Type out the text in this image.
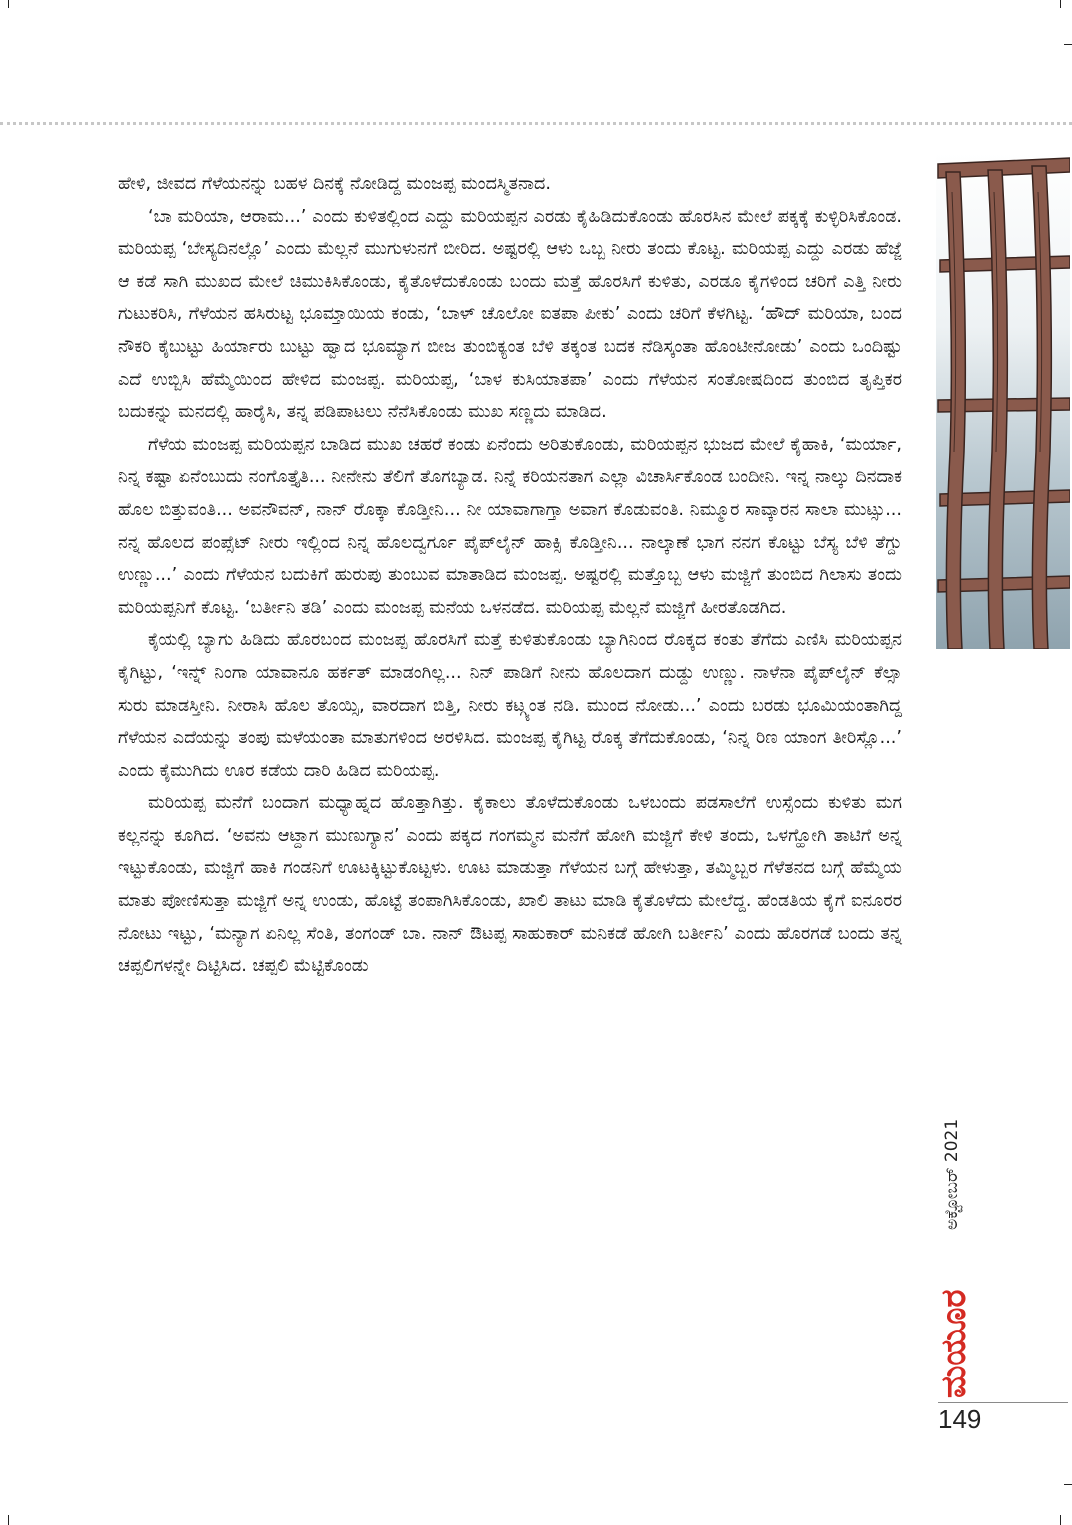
ಹೇಳಿ, ಜೀವದ ಗೆಳೆಯನನ್ನು ಬಹಳ ದಿನಕ್ಕೆ ನೋಡಿದ್ದ ಮಂಜಪ್ಪ ಮಂದಸ್ಮಿತನಾದ.

‘ಬಾ ಮರಿಯಾ, ಆರಾಮ...’ ಎಂದು ಕುಳಿತಲ್ಲಿಂದ ಎದ್ದು ಮರಿಯಪ್ಪನ ಎರಡು ಕೈಹಿಡಿದುಕೊಂಡು ಹೊರಸಿನ ಮೇಲೆ ಪಕ್ಕಕ್ಕೆ ಕುಳ್ಳಿರಿಸಿಕೊಂಡ. ಮರಿಯಪ್ಪ ‘ಬೇಸ್ಯದಿನಲ್ಲೊ’ ಎಂದು ಮೆಲ್ಲನೆ ಮುಗುಳುನಗೆ ಬೀರಿದ. ಅಷ್ಟರಲ್ಲಿ ಆಳು ಒಬ್ಬ ನೀರು ತಂದು ಕೊಟ್ಟ. ಮರಿಯಪ್ಪ ಎದ್ದು ಎರಡು ಹೆಜ್ಜೆ ಆ ಕಡೆ ಸಾಗಿ ಮುಖದ ಮೇಲೆ ಚಿಮುಕಿಸಿಕೊಂಡು, ಕೈತೊಳೆದುಕೊಂಡು ಬಂದು ಮತ್ತೆ ಹೊರಸಿಗೆ ಕುಳಿತು, ಎರಡೂ ಕೈಗಳಿಂದ ಚರಿಗೆ ಎತ್ತಿ ನೀರು ಗುಟುಕರಿಸಿ, ಗೆಳೆಯನ ಹಸಿರುಟ್ಟ ಭೂಮ್ತಾಯಿಯ ಕಂಡು, ‘ಬಾಳ್ ಚೊಲೋ ಐತಪಾ ಪೀಕು’ ಎಂದು ಚರಿಗೆ ಕೆಳಗಿಟ್ಟ. ‘ಹೌದ್ ಮರಿಯಾ, ಬಂದ ನೌಕರಿ ಕೈಬುಟ್ಟು ಹಿರ್ಯಾರು ಬುಟ್ಟು ಹ್ವಾದ ಭೂಮ್ಯಾಗ ಬೀಜ ತುಂಬಿಕ್ಯಂತ ಬೆಳಿ ತಕ್ಕಂತ ಬದಕ ನೆಡಿಸ್ಕಂತಾ ಹೊಂಟೀನೋಡು’ ಎಂದು ಒಂದಿಷ್ಟು ಎದೆ ಉಬ್ಬಿಸಿ ಹೆಮ್ಮೆಯಿಂದ ಹೇಳಿದ ಮಂಜಪ್ಪ. ಮರಿಯಪ್ಪ, ‘ಬಾಳ ಕುಸಿಯಾತಪಾ’ ಎಂದು ಗೆಳೆಯನ ಸಂತೋಷದಿಂದ ತುಂಬಿದ ತೃಪ್ತಿಕರ ಬದುಕನ್ನು ಮನದಲ್ಲಿ ಹಾರೈಸಿ, ತನ್ನ ಪಡಿಪಾಟಲು ನೆನೆಸಿಕೊಂಡು ಮುಖ ಸಣ್ಣದು ಮಾಡಿದ.

ಗೆಳೆಯ ಮಂಜಪ್ಪ ಮರಿಯಪ್ಪನ ಬಾಡಿದ ಮುಖ ಚಹರೆ ಕಂಡು ಏನೆಂದು ಅರಿತುಕೊಂಡು, ಮರಿಯಪ್ಪನ ಭುಜದ ಮೇಲೆ ಕೈಹಾಕಿ, ‘ಮರ್ಯಾ, ನಿನ್ನ ಕಷ್ಟಾ ಏನೆಂಬುದು ನಂಗೊತ್ತೈತಿ... ನೀನೇನು ತೆಲಿಗೆ ತೊಗಬ್ಯಾಡ. ನಿನ್ನೆ ಕರಿಯನತಾಗ ಎಲ್ಲಾ ವಿಚಾರ್ಸಿಕೊಂಡ ಬಂದೀನಿ. ಇನ್ನ ನಾಲ್ಕು ದಿನದಾಕ ಹೊಲ ಬಿತ್ತುವಂತಿ... ಅವನೌವನ್, ನಾನ್ ರೊಕ್ಕಾ ಕೊಡ್ತೀನಿ... ನೀ ಯಾವಾಗಾಗ್ತಾ ಅವಾಗ ಕೊಡುವಂತಿ. ನಿಮ್ಮೂರ ಸಾವ್ಕಾರನ ಸಾಲಾ ಮುಟ್ಸು... ನನ್ನ ಹೊಲದ ಪಂಪ್ಸೆಟ್ ನೀರು ಇಲ್ಲಿಂದ ನಿನ್ನ ಹೊಲದ್ವರ್ಗೂ ಪೈಪ್‌ಲೈನ್ ಹಾಕ್ಸಿ ಕೊಡ್ತೀನಿ... ನಾಲ್ಕಾಣೆ ಭಾಗ ನನಗ ಕೊಟ್ಟು ಬೆಸ್ಯ ಬೆಳಿ ತೆಗ್ದು ಉಣ್ಣು...’ ಎಂದು ಗೆಳೆಯನ ಬದುಕಿಗೆ ಹುರುಪು ತುಂಬುವ ಮಾತಾಡಿದ ಮಂಜಪ್ಪ. ಅಷ್ಟರಲ್ಲಿ ಮತ್ತೊಬ್ಬ ಆಳು ಮಜ್ಜಿಗೆ ತುಂಬಿದ ಗಿಲಾಸು ತಂದು ಮರಿಯಪ್ಪನಿಗೆ ಕೊಟ್ಟ. ‘ಬರ್ತೀನಿ ತಡಿ’ ಎಂದು ಮಂಜಪ್ಪ ಮನೆಯ ಒಳನಡೆದ. ಮರಿಯಪ್ಪ ಮೆಲ್ಲನೆ ಮಜ್ಜಿಗೆ ಹೀರತೊಡಗಿದ.

ಕೈಯಲ್ಲಿ ಬ್ಯಾಗು ಹಿಡಿದು ಹೊರಬಂದ ಮಂಜಪ್ಪ ಹೊರಸಿಗೆ ಮತ್ತೆ ಕುಳಿತುಕೊಂಡು ಬ್ಯಾಗಿನಿಂದ ರೊಕ್ಕದ ಕಂತು ತೆಗೆದು ಎಣಿಸಿ ಮರಿಯಪ್ಪನ ಕೈಗಿಟ್ಟು, ‘ಇನ್ನ್ ನಿಂಗಾ ಯಾವಾನೂ ಹರ್ಕತ್ ಮಾಡಂಗಿಲ್ಲ... ನಿನ್ ಪಾಡಿಗೆ ನೀನು ಹೊಲದಾಗ ದುಡ್ದು ಉಣ್ಣು. ನಾಳೆನಾ ಪೈಪ್‌ಲೈನ್ ಕೆಲ್ಸಾ ಸುರು ಮಾಡಸ್ತೀನಿ. ನೀರಾಸಿ ಹೊಲ ತೊಯ್ಸಿ, ವಾರದಾಗ ಬಿತ್ತಿ, ನೀರು ಕಟ್ಗ್ಯಂತ ನಡಿ. ಮುಂದ ನೋಡು...’ ಎಂದು ಬರಡು ಭೂಮಿಯಂತಾಗಿದ್ದ ಗೆಳೆಯನ ಎದೆಯನ್ನು ತಂಪು ಮಳೆಯಂತಾ ಮಾತುಗಳಿಂದ ಅರಳಿಸಿದ. ಮಂಜಪ್ಪ ಕೈಗಿಟ್ಟ ರೊಕ್ಕ ತೆಗೆದುಕೊಂಡು, ‘ನಿನ್ನ ರಿಣ ಯಾಂಗ ತೀರಿಸ್ಲೊ...’ ಎಂದು ಕೈಮುಗಿದು ಊರ ಕಡೆಯ ದಾರಿ ಹಿಡಿದ ಮರಿಯಪ್ಪ.

ಮರಿಯಪ್ಪ ಮನೆಗೆ ಬಂದಾಗ ಮಧ್ಯಾಹ್ನದ ಹೊತ್ತಾಗಿತ್ತು. ಕೈಕಾಲು ತೊಳೆದುಕೊಂಡು ಒಳಬಂದು ಪಡಸಾಲೆಗೆ ಉಸ್ಸೆಂದು ಕುಳಿತು ಮಗ ಕಲ್ಲನನ್ನು ಕೂಗಿದ. ‘ಅವನು ಆಟ್ದಾಗ ಮುಣುಗ್ಯಾನ’ ಎಂದು ಪಕ್ಕದ ಗಂಗಮ್ಮನ ಮನೆಗೆ ಹೋಗಿ ಮಜ್ಜಿಗೆ ಕೇಳಿ ತಂದು, ಒಳಗ್ಹೋಗಿ ತಾಟಿಗೆ ಅನ್ನ ಇಟ್ಟುಕೊಂಡು, ಮಜ್ಜಿಗೆ ಹಾಕಿ ಗಂಡನಿಗೆ ಊಟಕ್ಕಿಟ್ಟುಕೊಟ್ಟಳು. ಊಟ ಮಾಡುತ್ತಾ ಗೆಳೆಯನ ಬಗ್ಗೆ ಹೇಳುತ್ತಾ, ತಮ್ಮಿಬ್ಬರ ಗೆಳೆತನದ ಬಗ್ಗೆ ಹೆಮ್ಮೆಯ ಮಾತು ಪೋಣಿಸುತ್ತಾ ಮಜ್ಜಿಗೆ ಅನ್ನ ಉಂಡು, ಹೊಟ್ಟೆ ತಂಪಾಗಿಸಿಕೊಂಡು, ಖಾಲಿ ತಾಟು ಮಾಡಿ ಕೈತೊಳೆದು ಮೇಲೆದ್ದ. ಹೆಂಡತಿಯ ಕೈಗೆ ಐನೂರರ ನೋಟು ಇಟ್ಟು, ‘ಮನ್ಯಾಗ ಏನಿಲ್ಲ ಸೆಂತಿ, ತಂಗಂಡ್ ಬಾ. ನಾನ್ ಔಟಪ್ಪ ಸಾಹುಕಾರ್ ಮನಿಕಡೆ ಹೋಗಿ ಬರ್ತೀನಿ’ ಎಂದು ಹೊರಗಡೆ ಬಂದು ತನ್ನ ಚಪ್ಪಲಿಗಳನ್ನೇ ದಿಟ್ಟಿಸಿದ. ಚಪ್ಪಲಿ ಮೆಟ್ಟಿಕೊಂಡು

ಅಕ್ಟೋಬರ್ 2021
ಮಯೂರ
149
